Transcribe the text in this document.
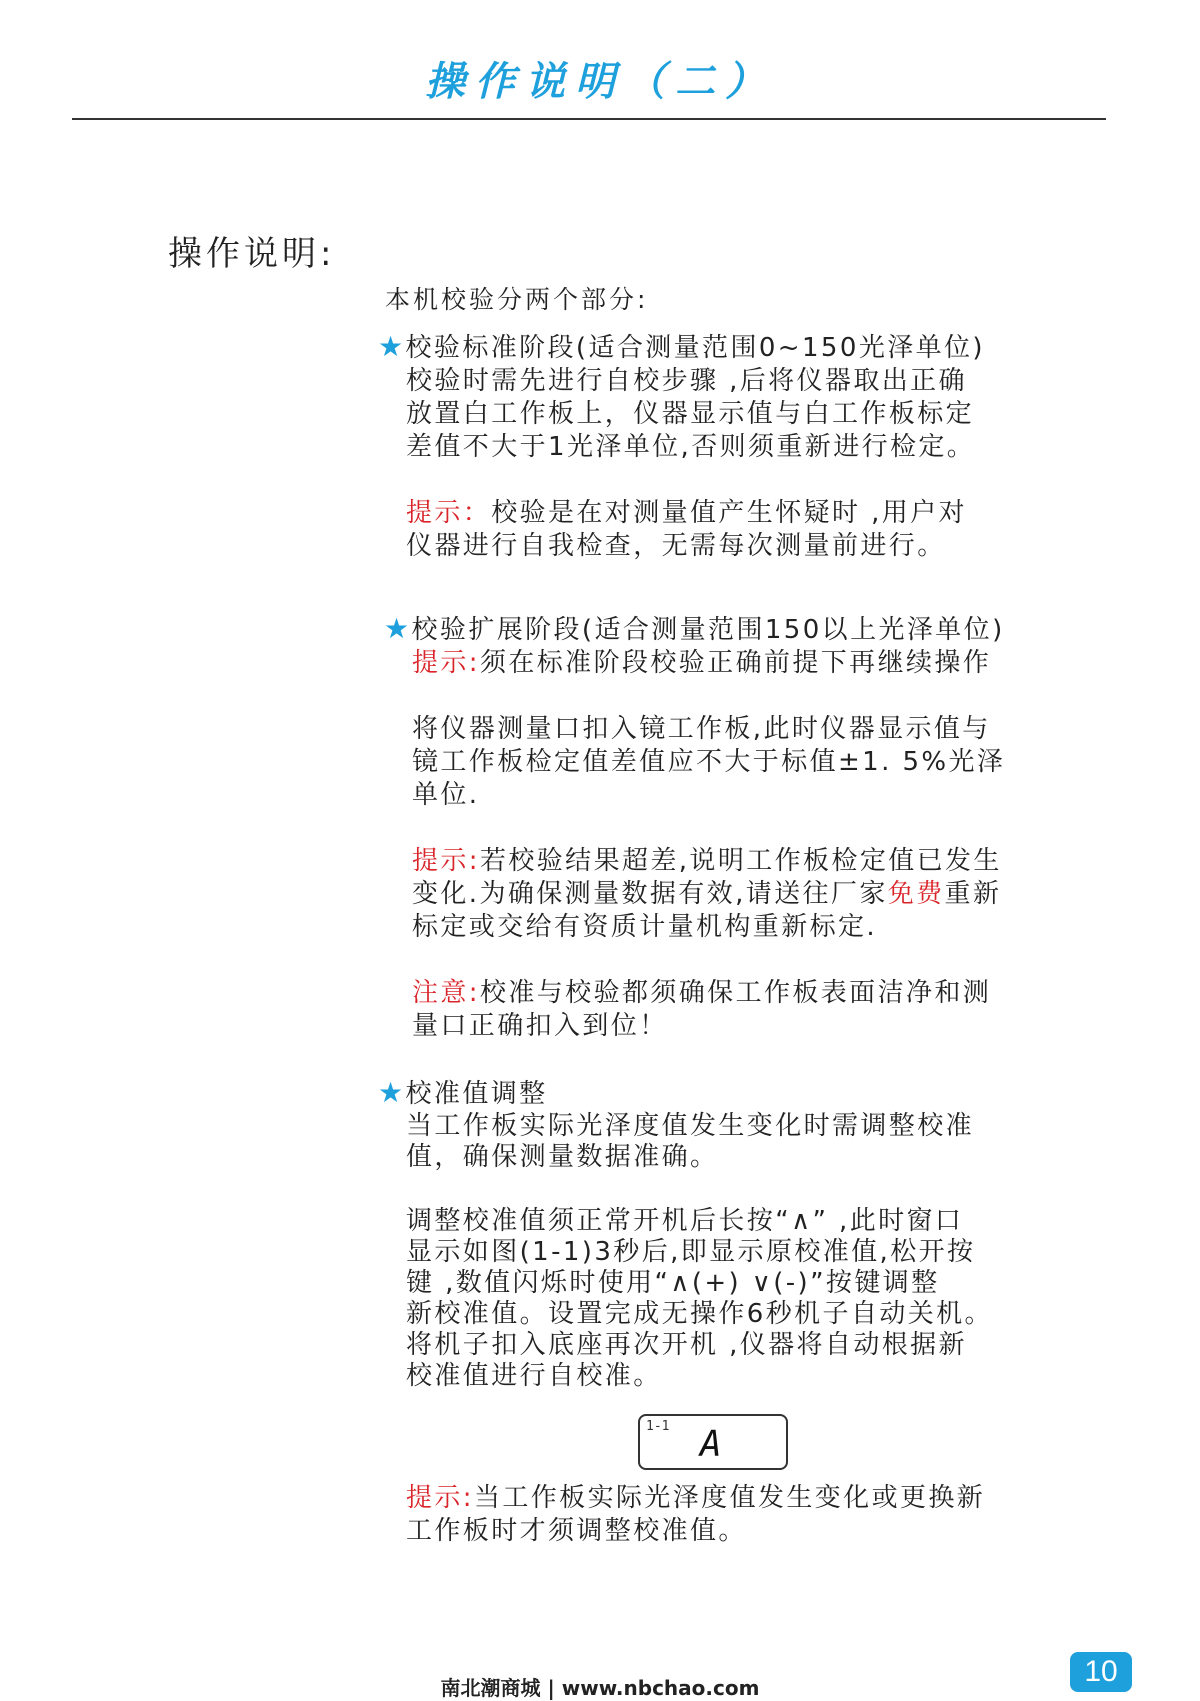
操作说明（二）
操作说明:
本机校验分两个部分:
★校验标准阶段(适合测量范围0~150光泽单位)
校验时需先进行自校步骤 ,后将仪器取出正确
放置白工作板上，仪器显示值与白工作板标定
差值不大于1光泽单位,否则须重新进行检定。
提示：校验是在对测量值产生怀疑时 ,用户对
仪器进行自我检查，无需每次测量前进行。
★校验扩展阶段(适合测量范围150以上光泽单位)
提示:须在标准阶段校验正确前提下再继续操作
将仪器测量口扣入镜工作板,此时仪器显示值与
镜工作板检定值差值应不大于标值±1. 5%光泽
单位.
提示:若校验结果超差,说明工作板检定值已发生
变化.为确保测量数据有效,请送往厂家免费重新
标定或交给有资质计量机构重新标定.
注意:校准与校验都须确保工作板表面洁净和测
量口正确扣入到位！
★校准值调整
当工作板实际光泽度值发生变化时需调整校准
值，确保测量数据准确。
调整校准值须正常开机后长按“∧” ,此时窗口
显示如图(1-1)3秒后,即显示原校准值,松开按
键 ,数值闪烁时使用“∧(+) ∨(-)”按键调整
新校准值。设置完成无操作6秒机子自动关机。
将机子扣入底座再次开机 ,仪器将自动根据新
校准值进行自校准。
1-1 A
提示:当工作板实际光泽度值发生变化或更换新
工作板时才须调整校准值。
南北潮商城 | www.nbchao.com	10
